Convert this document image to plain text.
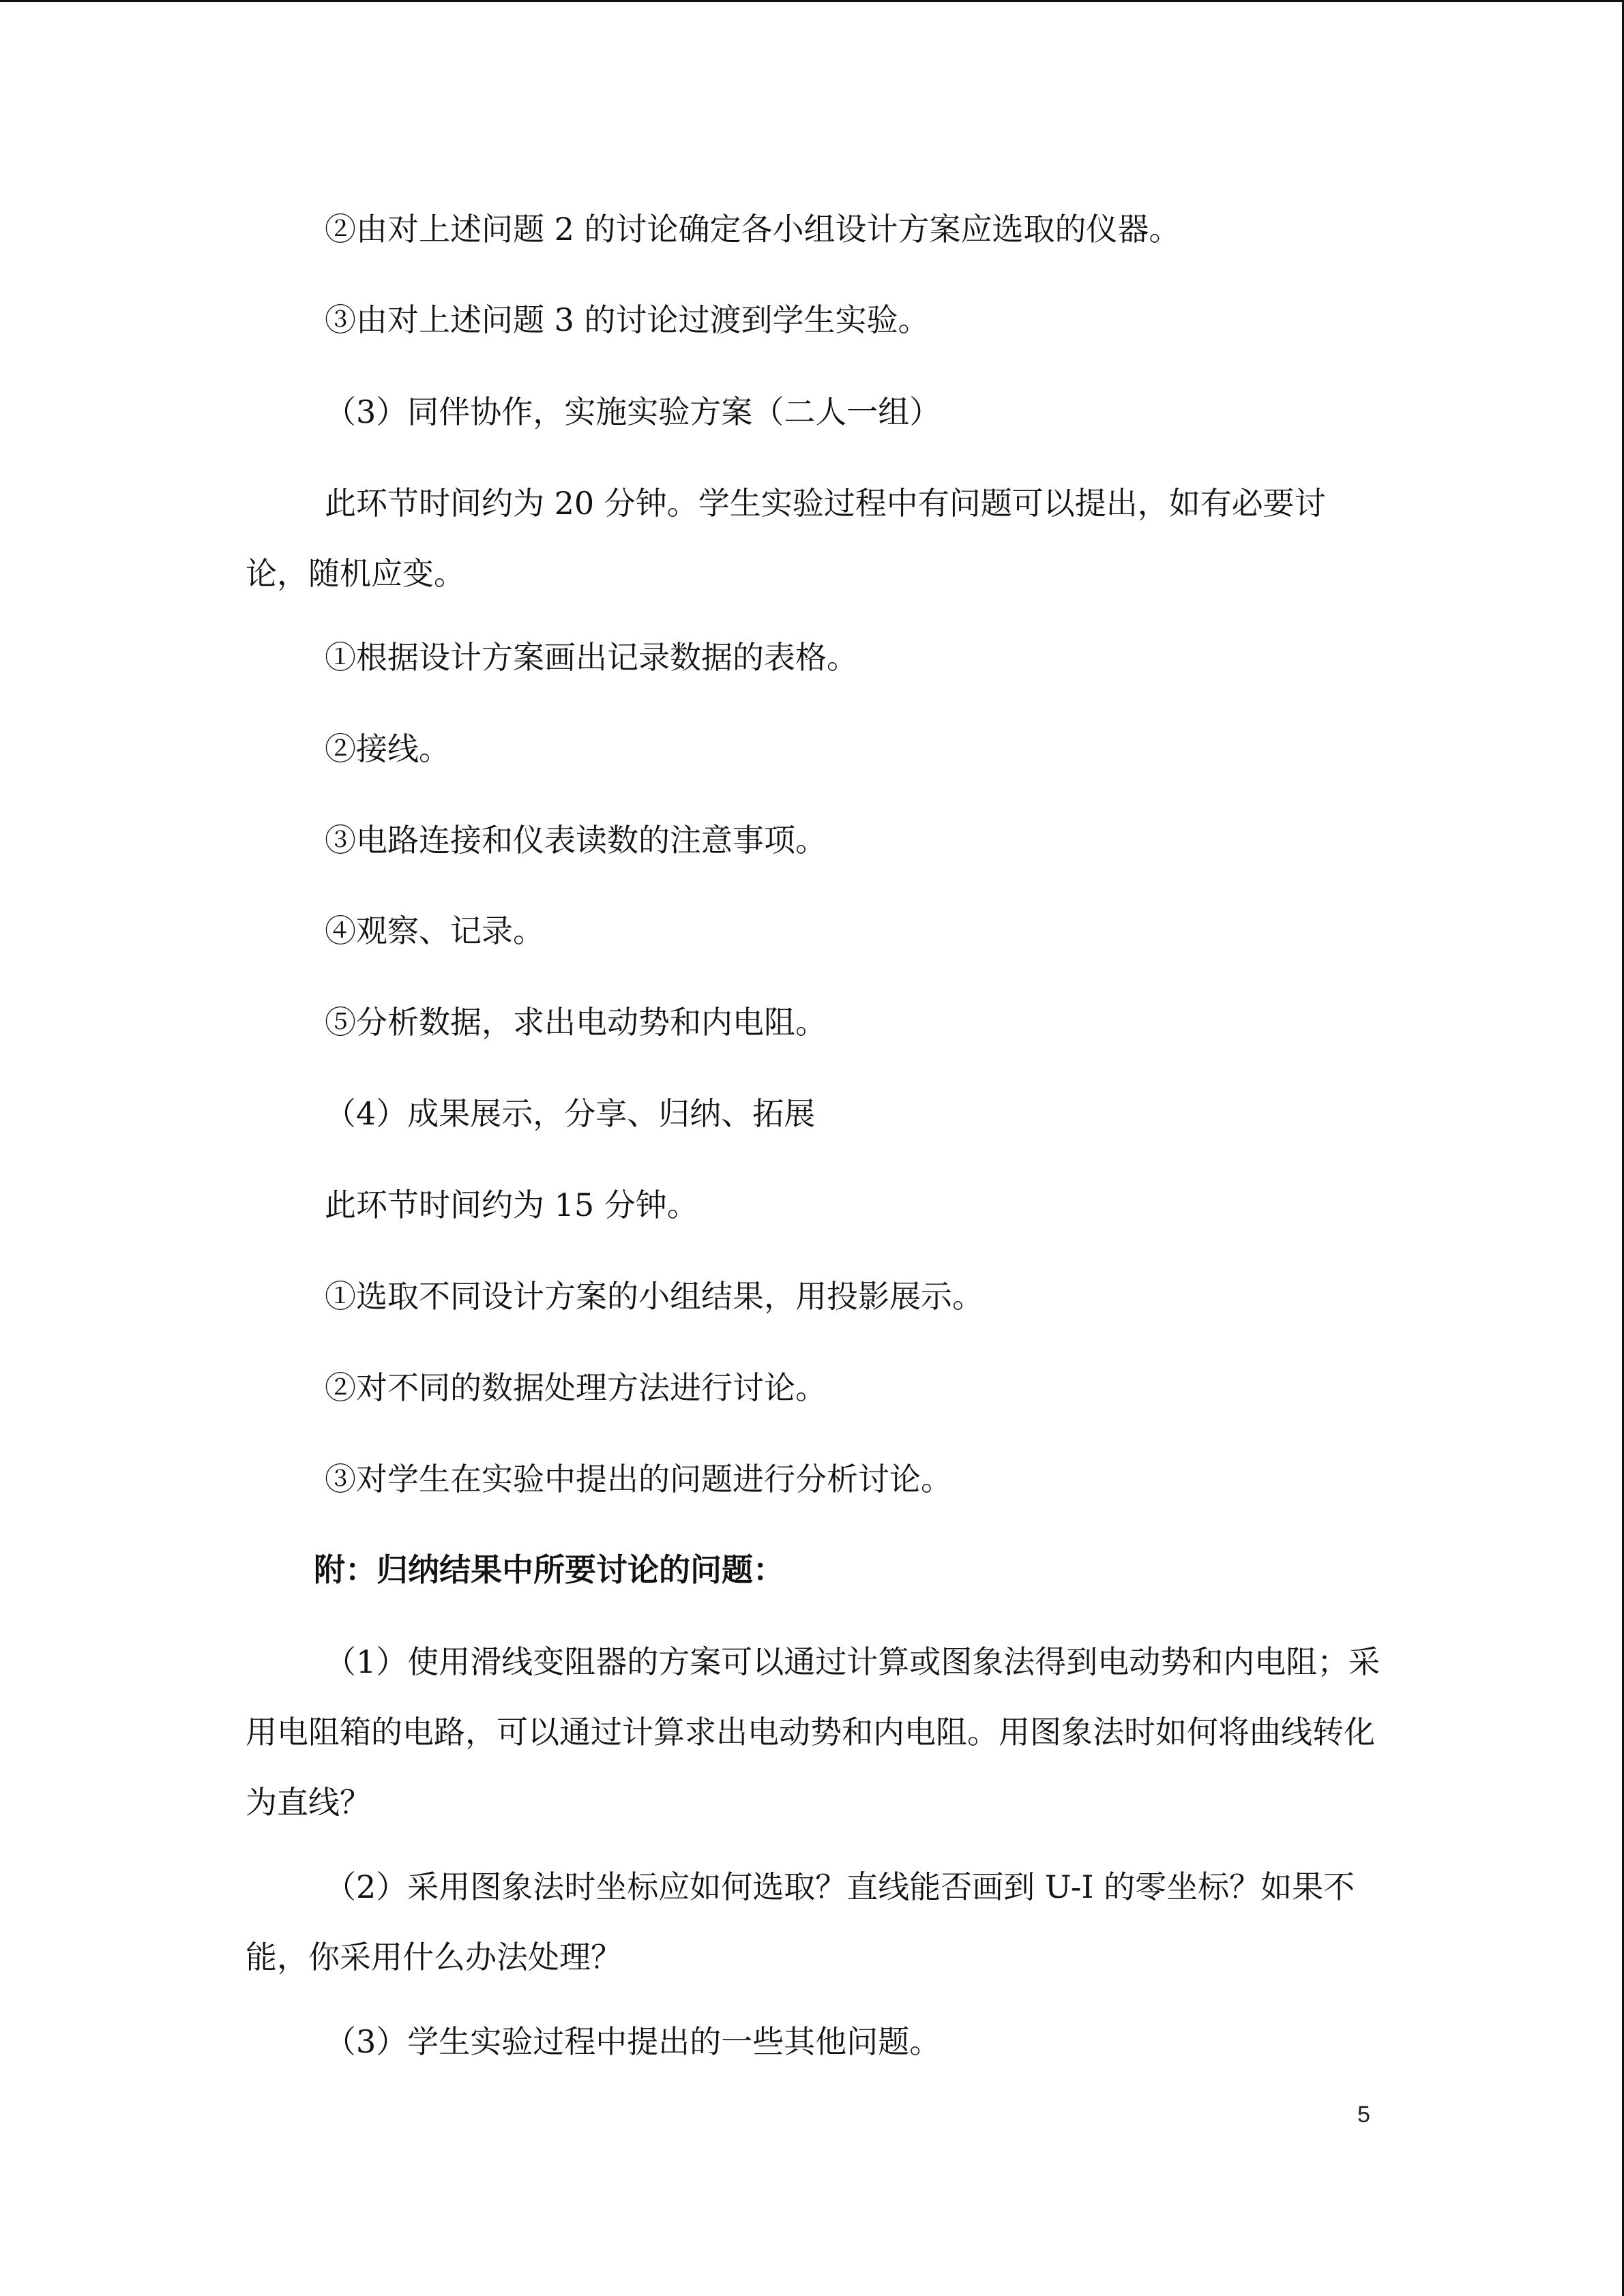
②由对上述问题 2 的讨论确定各小组设计方案应选取的仪器。

③由对上述问题 3 的讨论过渡到学生实验。

（3）同伴协作，实施实验方案（二人一组）

此环节时间约为 20 分钟。学生实验过程中有问题可以提出，如有必要讨论，随机应变。

①根据设计方案画出记录数据的表格。

②接线。

③电路连接和仪表读数的注意事项。

④观察、记录。

⑤分析数据，求出电动势和内电阻。

（4）成果展示，分享、归纳、拓展

此环节时间约为 15 分钟。

①选取不同设计方案的小组结果，用投影展示。

②对不同的数据处理方法进行讨论。

③对学生在实验中提出的问题进行分析讨论。

附：归纳结果中所要讨论的问题：

（1）使用滑线变阻器的方案可以通过计算或图象法得到电动势和内电阻；采用电阻箱的电路，可以通过计算求出电动势和内电阻。用图象法时如何将曲线转化为直线？

（2）采用图象法时坐标应如何选取？直线能否画到 U-I 的零坐标？如果不能，你采用什么办法处理？

（3）学生实验过程中提出的一些其他问题。

5
